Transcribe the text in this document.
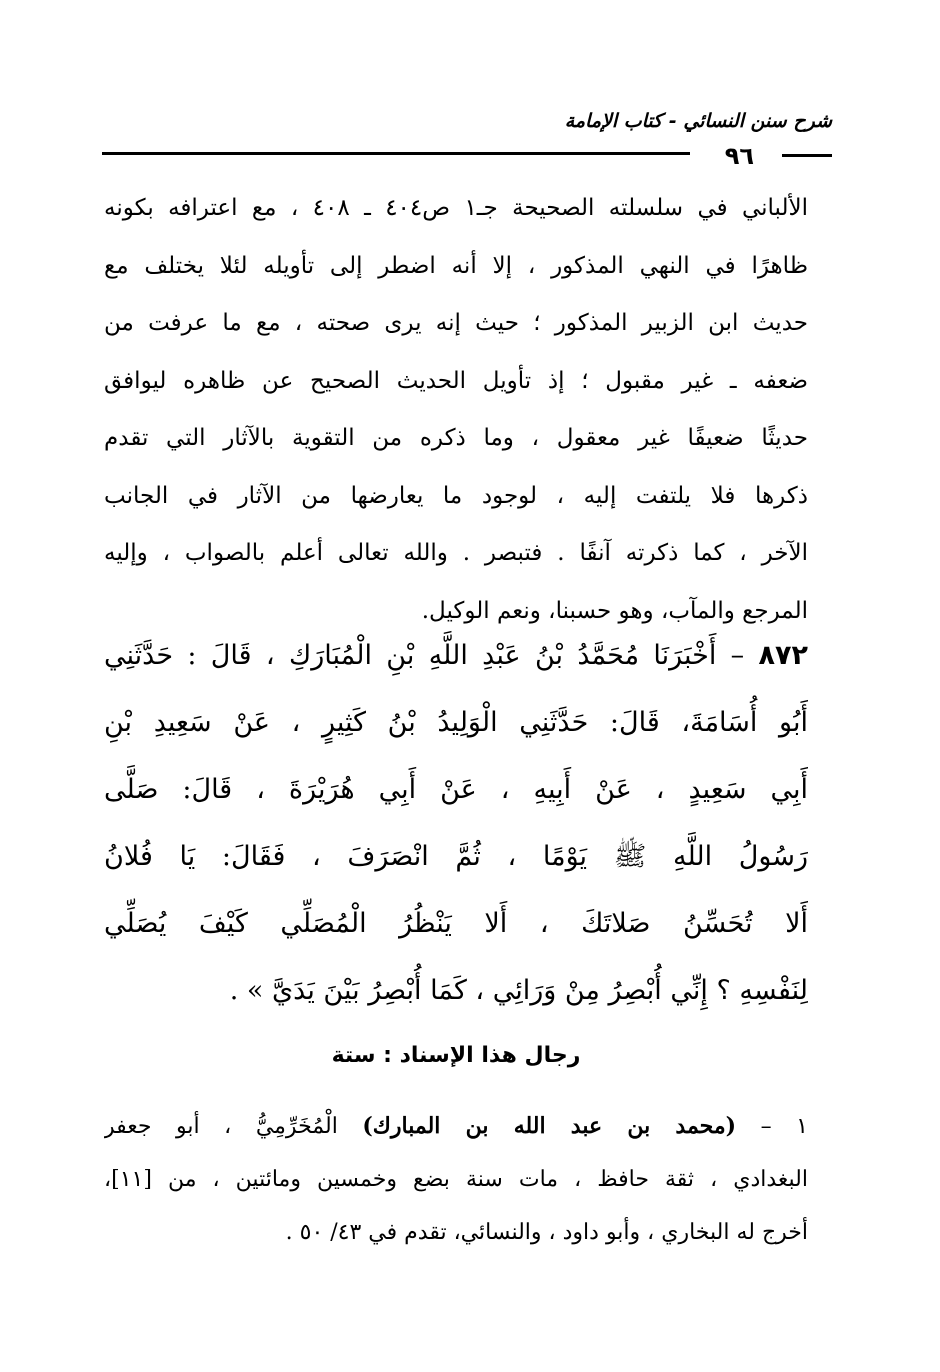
شرح سنن النسائي - كتاب الإمامة
٩٦
الألباني في سلسلته الصحيحة جـ١ ص٤٠٤ ـ ٤٠٨ ، مع اعترافه بكونه
ظاهرًا في النهي المذكور ، إلا أنه اضطر إلى تأويله لئلا يختلف مع
حديث ابن الزبير المذكور ؛ حيث إنه يرى صحته ، مع ما عرفت من
ضعفه ـ غير مقبول ؛ إذ تأويل الحديث الصحيح عن ظاهره ليوافق
حديثًا ضعيفًا غير معقول ، وما ذكره من التقوية بالآثار التي تقدم
ذكرها فلا يلتفت إليه ، لوجود ما يعارضها من الآثار في الجانب
الآخر ، كما ذكرته آنفًا . فتبصر . والله تعالى أعلم بالصواب ، وإليه
المرجع والمآب، وهو حسبنا، ونعم الوكيل.
٨٧٢ – أَخْبَرَنَا مُحَمَّدُ بْنُ عَبْدِ اللَّهِ بْنِ الْمُبَارَكِ ، قَالَ : حَدَّثَنِي
أَبُو أُسَامَةَ، قَالَ: حَدَّثَنِي الْوَلِيدُ بْنُ كَثِيرٍ ، عَنْ سَعِيدِ بْنِ
أَبِي سَعِيدٍ ، عَنْ أَبِيهِ ، عَنْ أَبِي هُرَيْرَةَ ، قَالَ: صَلَّى
رَسُولُ اللَّهِ ﷺ يَوْمًا ، ثُمَّ انْصَرَفَ ، فَقَالَ: يَا فُلانُ
أَلا تُحَسِّنُ صَلاتَكَ ، أَلا يَنْظُرُ الْمُصَلِّي كَيْفَ يُصَلِّي
لِنَفْسِهِ ؟ إِنِّي أُبْصِرُ مِنْ وَرَائِي ، كَمَا أُبْصِرُ بَيْنَ يَدَيَّ » .
رجال هذا الإسناد : ستة
١ – (محمد بن عبد الله بن المبارك) الْمُخَرِّمِيُّ ، أبو جعفر
البغدادي ، ثقة حافظ ، مات سنة بضع وخمسين ومائتين ، من [١١]،
أخرج له البخاري ، وأبو داود ، والنسائي، تقدم في ٤٣/ ٥٠ .
